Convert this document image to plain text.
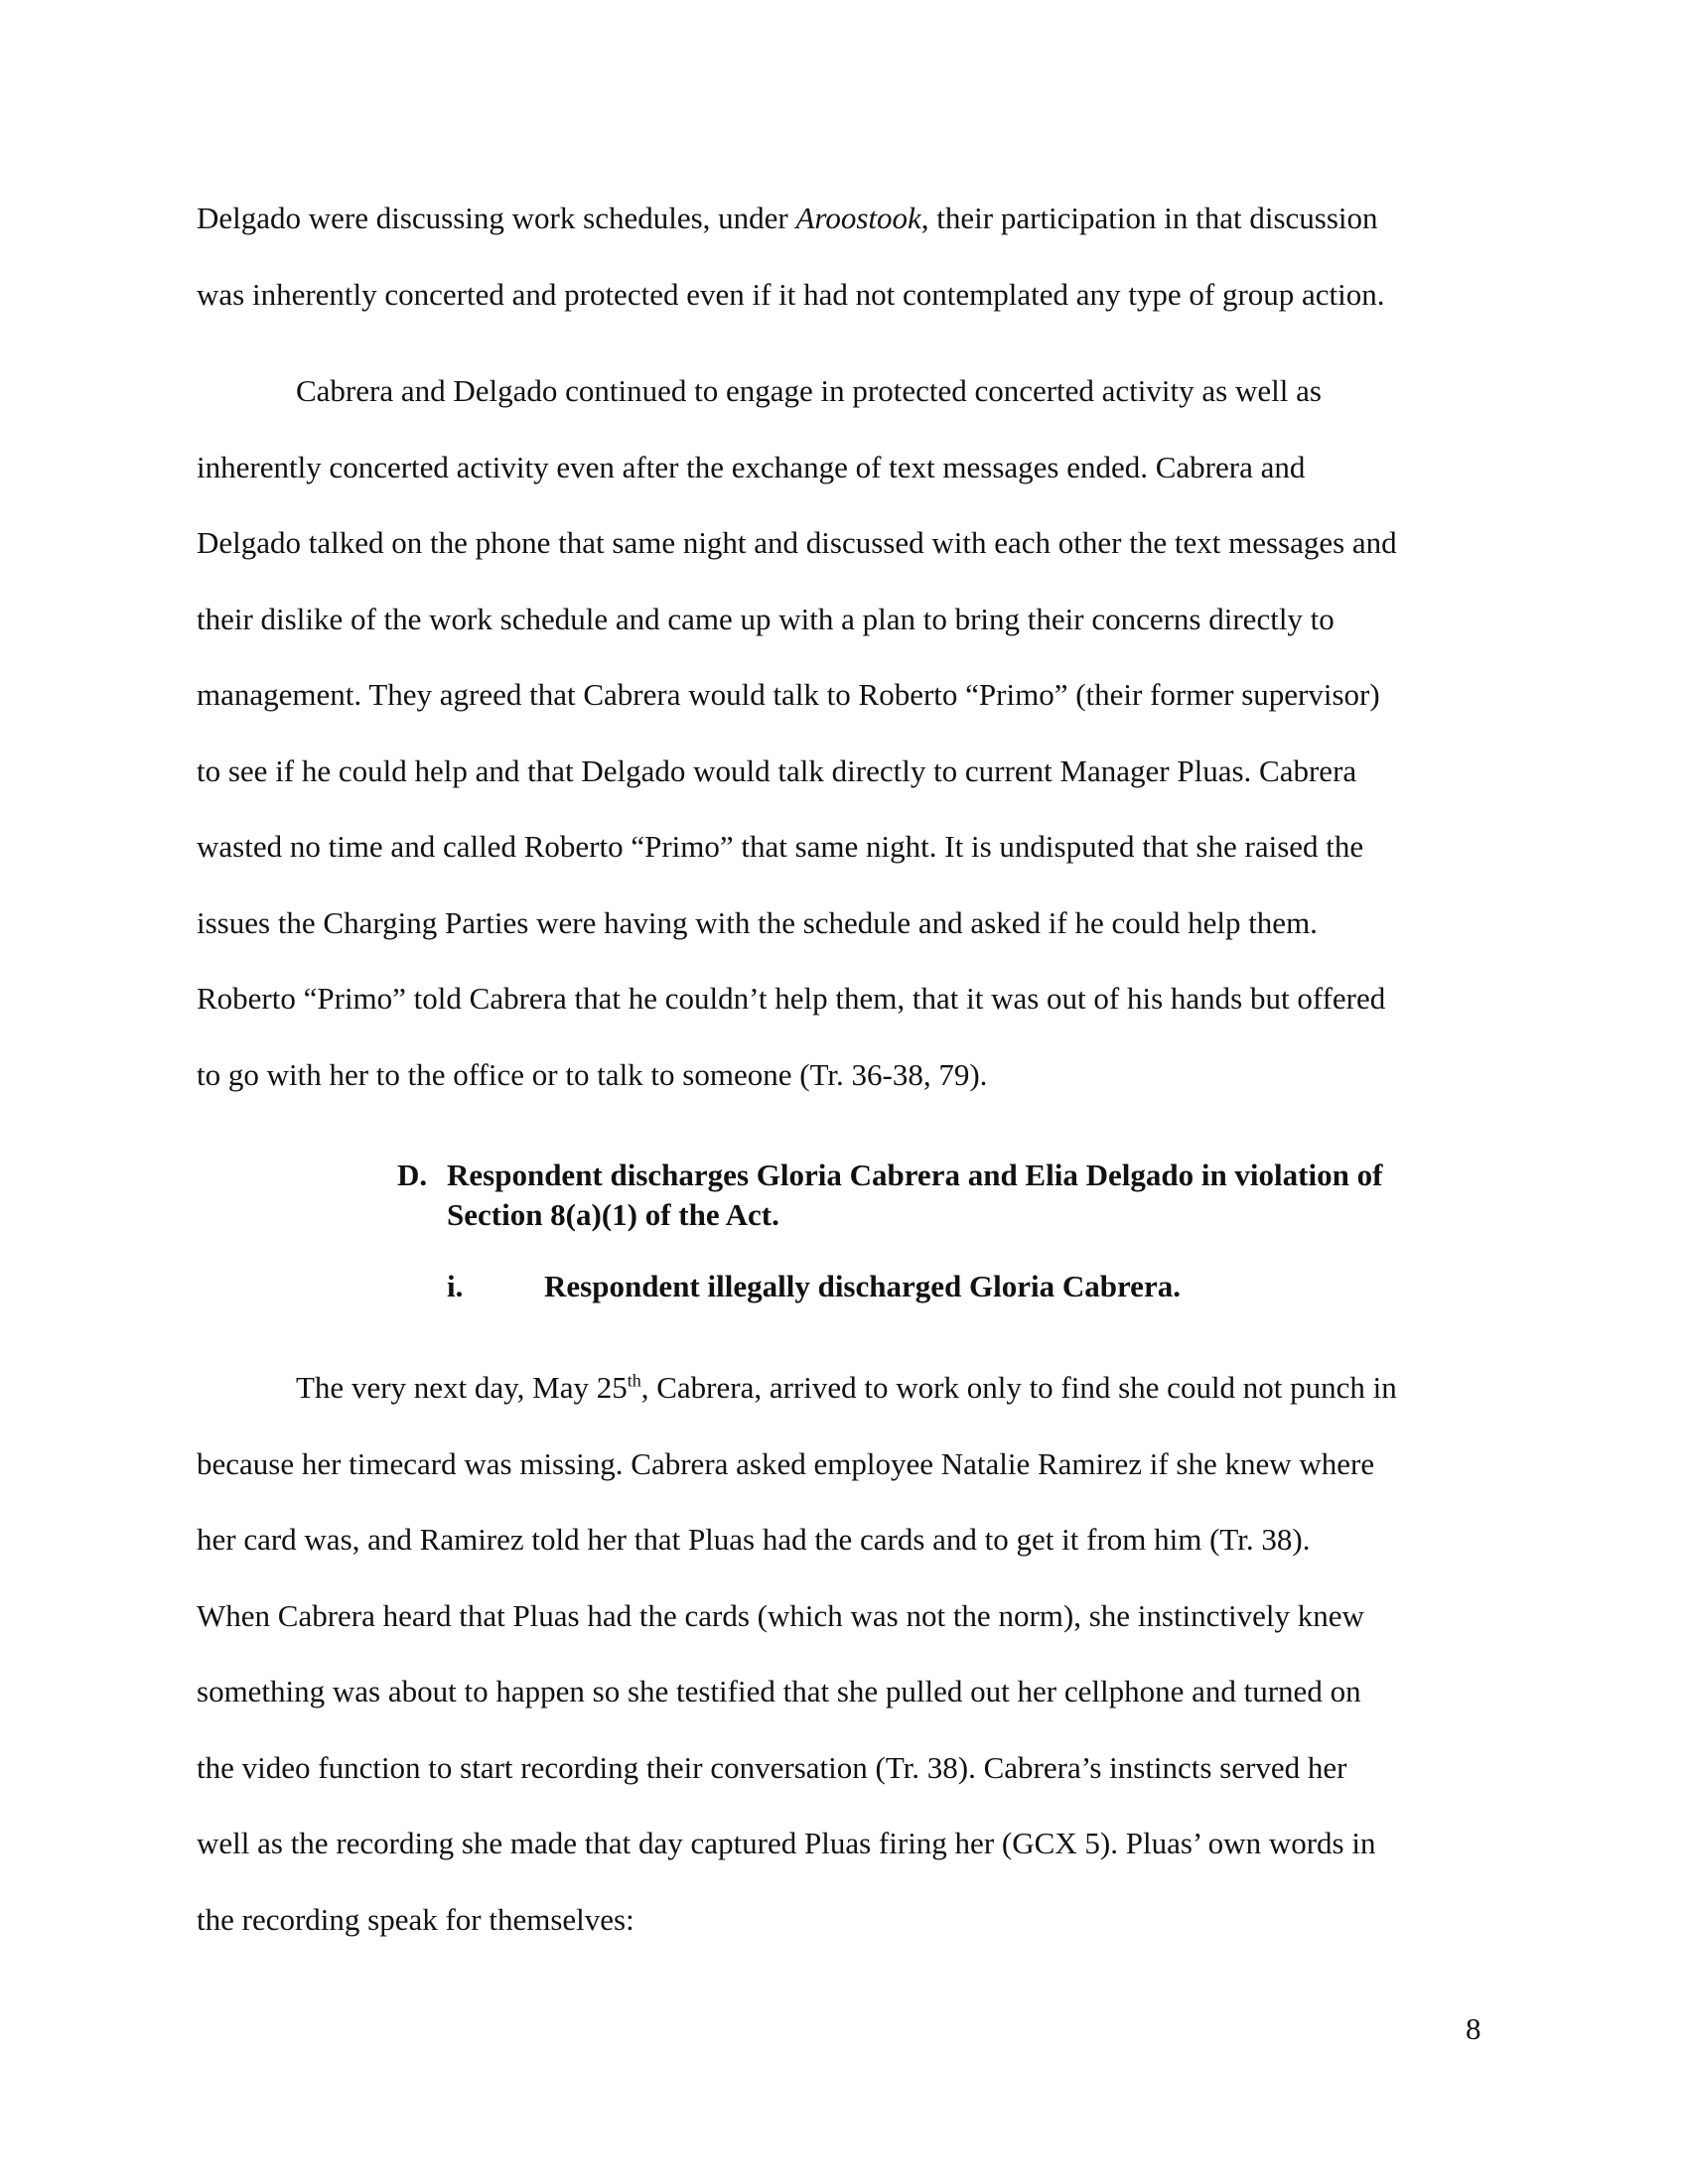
Delgado were discussing work schedules, under Aroostook, their participation in that discussion
was inherently concerted and protected even if it had not contemplated any type of group action.
Cabrera and Delgado continued to engage in protected concerted activity as well as
inherently concerted activity even after the exchange of text messages ended. Cabrera and
Delgado talked on the phone that same night and discussed with each other the text messages and
their dislike of the work schedule and came up with a plan to bring their concerns directly to
management. They agreed that Cabrera would talk to Roberto “Primo” (their former supervisor)
to see if he could help and that Delgado would talk directly to current Manager Pluas. Cabrera
wasted no time and called Roberto “Primo” that same night. It is undisputed that she raised the
issues the Charging Parties were having with the schedule and asked if he could help them.
Roberto “Primo” told Cabrera that he couldn’t help them, that it was out of his hands but offered
to go with her to the office or to talk to someone (Tr. 36-38, 79).
D. Respondent discharges Gloria Cabrera and Elia Delgado in violation of
Section 8(a)(1) of the Act.
i.	Respondent illegally discharged Gloria Cabrera.
The very next day, May 25th, Cabrera, arrived to work only to find she could not punch in
because her timecard was missing. Cabrera asked employee Natalie Ramirez if she knew where
her card was, and Ramirez told her that Pluas had the cards and to get it from him (Tr. 38).
When Cabrera heard that Pluas had the cards (which was not the norm), she instinctively knew
something was about to happen so she testified that she pulled out her cellphone and turned on
the video function to start recording their conversation (Tr. 38). Cabrera’s instincts served her
well as the recording she made that day captured Pluas firing her (GCX 5). Pluas’ own words in
the recording speak for themselves:
8
